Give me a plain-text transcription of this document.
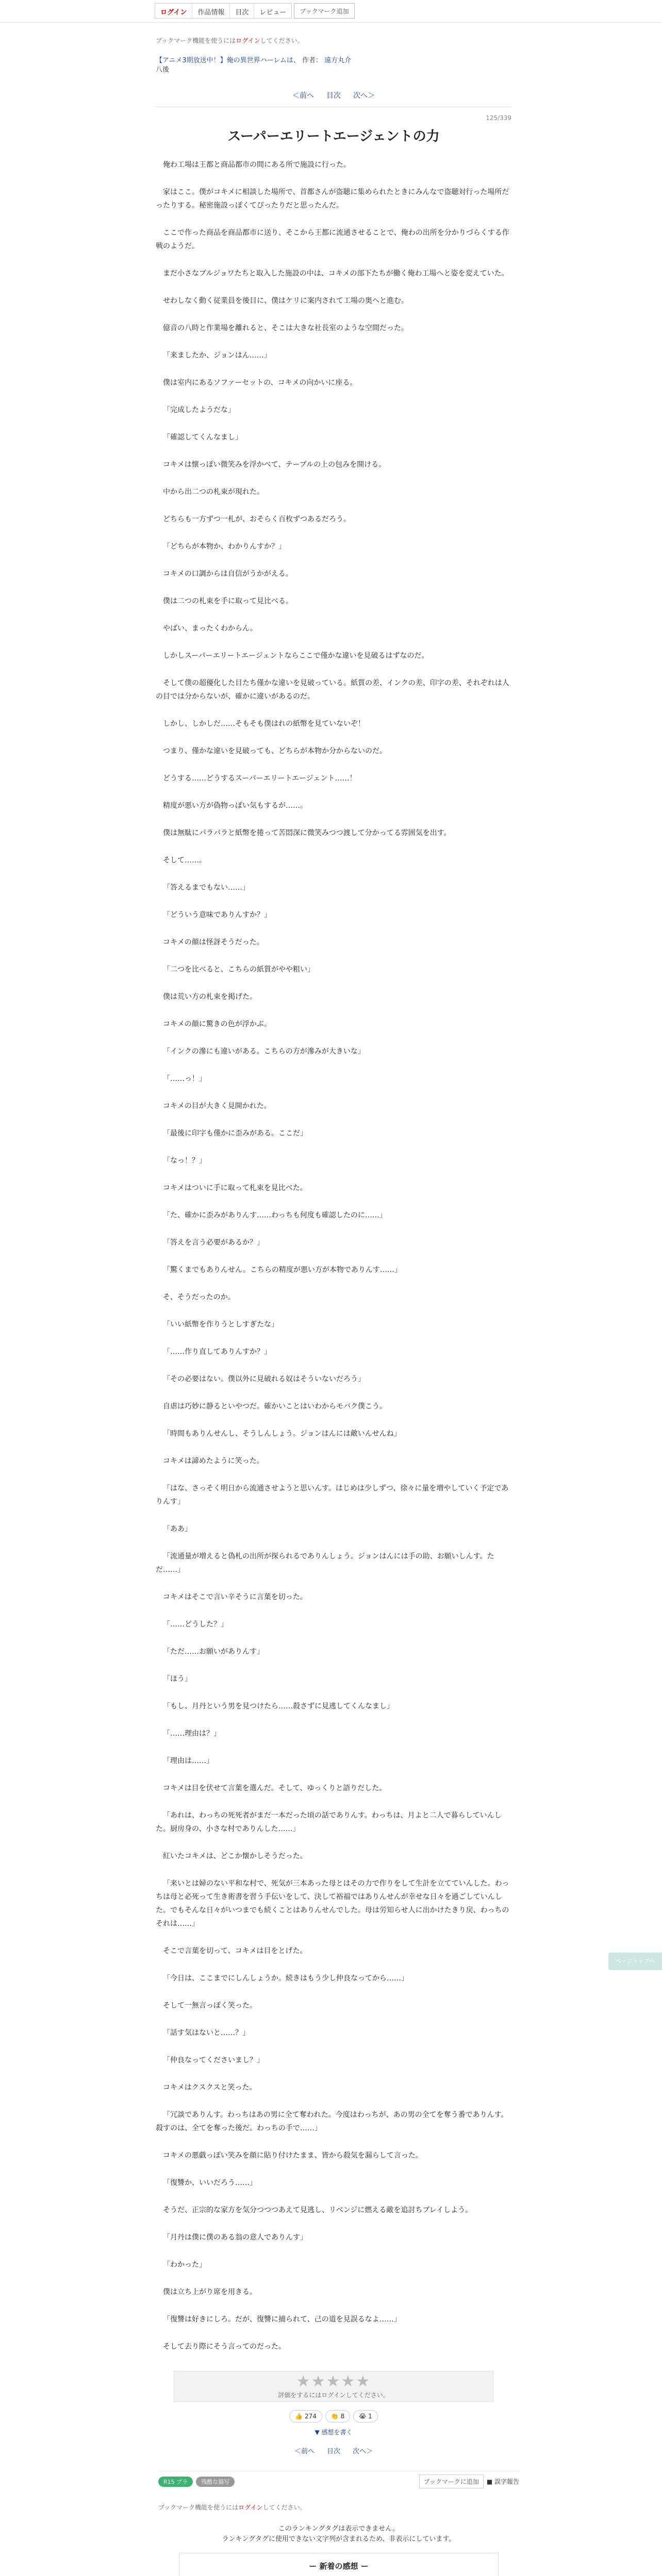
ログイン	作品情報	目次	レビュー	ブックマーク追加
ブックマーク機能を使うにはログインしてください。
【アニメ3期放送中！】俺の異世界ハーレムは、 作者： 遠方丸介
八後
＜前へ 目次 次へ＞
125/339
スーパーエリートエージェントの力

俺わ工場は王都と商品都市の間にある所で施設に行った。

家はここ。僕がコキメに相談した場所で、首都さんが盗聴に集められたときにみんなで盗聴対行った場所だったりする。秘密施設っぽくてぴったりだと思ったんだ。

ここで作った商品を商品都市に送り、そこから王都に流通させることで、俺わの出所を分かりづらくする作戦のようだ。

まだ小さなブルジョワたちと取入した施設の中は、コキメの部下たちが働く俺わ工場へと姿を変えていた。

せわしなく動く従業員を後目に、僕はケリに案内されて工場の奥へと進む。

億音の八時と作業場を離れると、そこは大きな社長室のような空間だった。

「来ましたか、ジョンはん……」

僕は室内にあるソファーセットの、コキメの向かいに座る。

「完成したようだな」

「確認してくんなまし」

コキメは懐っぽい微笑みを浮かべて、テーブルの上の包みを開ける。

中から出二つの札束が現れた。

どちらも一方ずつ一札が、おそらく百枚ずつあるだろう。

「どちらが本物か、わかりんすか？」

コキメの口調からは自信がうかがえる。

僕は二つの札束を手に取って見比べる。

やばい、まったくわからん。

しかしスーパーエリートエージェントならここで僅かな違いを見破るはずなのだ。

そして僕の超優化した目たち僅かな違いを見破っている。紙質の差、インクの差、印字の差、それぞれは人の目では分からないが、確かに違いがあるのだ。

しかし、しかしだ……そもそも僕はれの紙幣を見ていないぞ！

つまり、僅かな違いを見破っても、どちらが本物か分からないのだ。

どうする……どうするスーパーエリートエージェント……！

精度が悪い方が偽物っぽい気もするが……。

僕は無駄にパラパラと紙幣を捲って苦悶深に微笑みつつ渡して分かってる雰囲気を出す。

そして……。

「答えるまでもない……」

「どういう意味でありんすか？」

コキメの顔は怪訝そうだった。

「二つを比べると、こちらの紙質がやや粗い」

僕は荒い方の札束を掲げた。

コキメの顔に驚きの色が浮かぶ。

「インクの滲にも違いがある。こちらの方が滲みが大きいな」

「……っ！」

コキメの目が大きく見開かれた。

「最後に印字も僅かに歪みがある。ここだ」

「なっ！？」

コキメはついに手に取って札束を見比べた。

「た、確かに歪みがありんす……わっちも何度も確認したのに……」

「答えを言う必要があるか？」

「驚くまでもありんせん。こちらの精度が悪い方が本物でありんす……」

そ、そうだったのか。

「いい紙幣を作りうとしすぎたな」

「……作り直してありんすか？」

「その必要はない。僕以外に見破れる奴はそういないだろう」

自虐は巧妙に静るといやつだ。確かいことはいわからモバク僕こう。

「時間もありんせんし、そうしんしょう。ジョンはんには敵いんせんね」

コキメは諦めたように笑った。

「はな、さっそく明日から流通させようと思いんす。はじめは少しずつ、徐々に量を増やしていく予定でありんす」

「ああ」

「流通量が増えると偽札の出所が探られるでありんしょう。ジョンはんには手の助、お願いしんす。ただ……」

コキメはそこで言い辛そうに言葉を切った。

「……どうした？」

「ただ……お願いがありんす」

「ほう」

「もし、月丹という男を見つけたら……殺さずに見逃してくんなまし」

「……理由は？」

「理由は……」

コキメは目を伏せて言葉を選んだ。そして、ゆっくりと語りだした。

「あれは、わっちの死死者がまだ一本だった頃の話でありんす。わっちは、月よと二人で暮らしていんした。厨房身の、小さな村でありんした……」

紅いたコキメは、どこか懐かしそうだった。

「来いとは婦のない平和な村で、死気が三本あった母とはその力で作りをして生計を立てていんした。わっちは母と必死って生き術書を習う手伝いをして、決して裕福ではありんせんが幸せな日々を過ごしていんした。でもそんな日々がいつまでも続くことはありんせんでした。母は労知らせ人に出かけたきり戻、わっちのそれは……」

そこで言葉を切って、コキメは目をとげた。

「今日は、ここまでにしんしょうか。続きはもう少し仲良なってから……」

そして一無言っぽく笑った。

「話す気はないと……？」

「仲良なってくださいまし？」

コキメはクスクスと笑った。

「冗談でありんす。わっちはあの男に全て奪われた。今度はわっちが、あの男の全てを奪う番でありんす。殺すのは、全てを奪った後だ。わっちの手で……」

コキメの悪戯っぽい笑みを顔に貼り付けたまま、皆から殺気を漏らして言った。

「復讐か、いいだろう……」

そうだ、正宗的な家方を気分つつつあえて見逃し、リベンジに燃える敵を追討ちブレイしよう。

「月丹は僕に僕のある翁の意人でありんす」

「わかった」

僕は立ち上がり席を用きる。

「復讐は好きにしろ。だが、復讐に捕られて、己の道を見誤るなよ……」

そして去り際にそう言ってのだった。

★★★★★
評価をするにはログインしてください。
👍 274	👏 8	😭 1
▼ 感想を書く
＜前へ 目次 次へ＞
R15 ブラ	残酷な描写	ブックマークに追加	■ 誤字報告
ブックマーク機能を使うにはログインしてください。
このランキングタグは表示できません。
ランキングタグに使用できない文字列が含まれるため、非表示にしています。
ー 新着の感想 ー
ページトップへ
